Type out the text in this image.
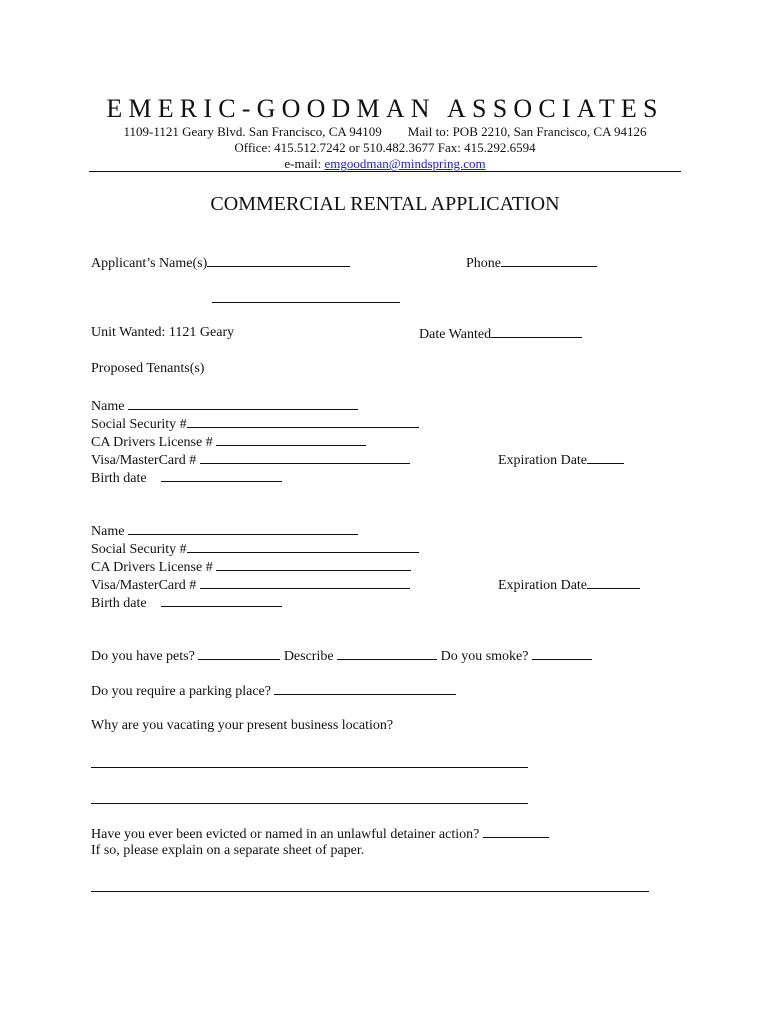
EMERIC-GOODMAN ASSOCIATES
1109-1121 Geary Blvd. San Francisco, CA 94109 Mail to: POB 2210, San Francisco, CA 94126
Office: 415.512.7242 or 510.482.3677 Fax: 415.292.6594
e-mail: emgoodman@mindspring.com
COMMERCIAL RENTAL APPLICATION
Applicant’s Name(s)	Phone
Unit Wanted: 1121 Geary	Date Wanted
Proposed Tenants(s)
Name
Social Security #
CA Drivers License #
Visa/MasterCard #	Expiration Date
Birth date
Name
Social Security #
CA Drivers License #
Visa/MasterCard #	Expiration Date
Birth date
Do you have pets?	Describe	Do you smoke?
Do you require a parking place?
Why are you vacating your present business location?
Have you ever been evicted or named in an unlawful detainer action?
If so, please explain on a separate sheet of paper.
